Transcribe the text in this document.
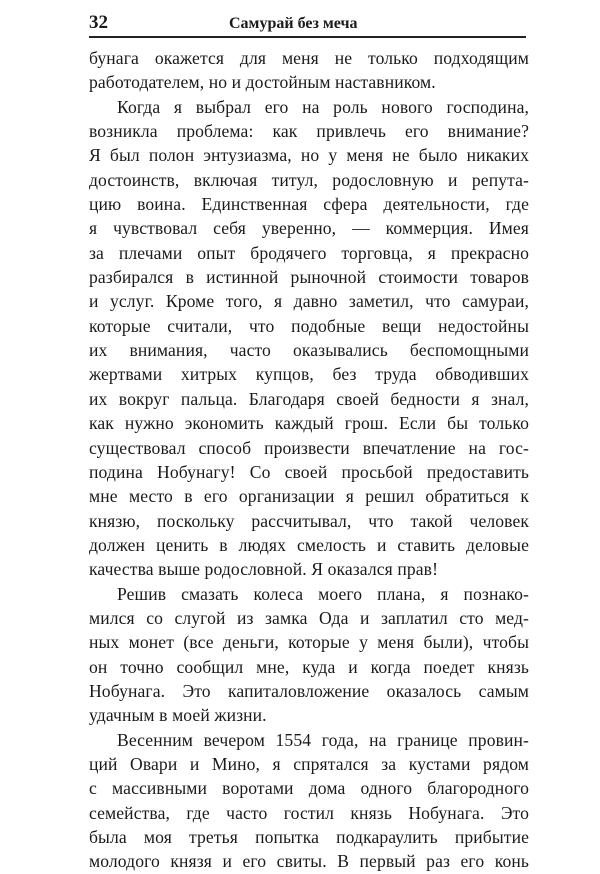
32	Самурай без меча
бунага окажется для меня не только подходящим
работодателем, но и достойным наставником.
Когда я выбрал его на роль нового господина,
возникла проблема: как привлечь его внимание?
Я был полон энтузиазма, но у меня не было никаких
достоинств, включая титул, родословную и репута-
цию воина. Единственная сфера деятельности, где
я чувствовал себя уверенно, — коммерция. Имея
за плечами опыт бродячего торговца, я прекрасно
разбирался в истинной рыночной стоимости товаров
и услуг. Кроме того, я давно заметил, что самураи,
которые считали, что подобные вещи недостойны
их внимания, часто оказывались беспомощными
жертвами хитрых купцов, без труда обводивших
их вокруг пальца. Благодаря своей бедности я знал,
как нужно экономить каждый грош. Если бы только
существовал способ произвести впечатление на гос-
подина Нобунагу! Со своей просьбой предоставить
мне место в его организации я решил обратиться к
князю, поскольку рассчитывал, что такой человек
должен ценить в людях смелость и ставить деловые
качества выше родословной. Я оказался прав!
Решив смазать колеса моего плана, я познако-
мился со слугой из замка Ода и заплатил сто мед-
ных монет (все деньги, которые у меня были), чтобы
он точно сообщил мне, куда и когда поедет князь
Нобунага. Это капиталовложение оказалось самым
удачным в моей жизни.
Весенним вечером 1554 года, на границе провин-
ций Овари и Мино, я спрятался за кустами рядом
с массивными воротами дома одного благородного
семейства, где часто гостил князь Нобунага. Это
была моя третья попытка подкараулить прибытие
молодого князя и его свиты. В первый раз его конь
